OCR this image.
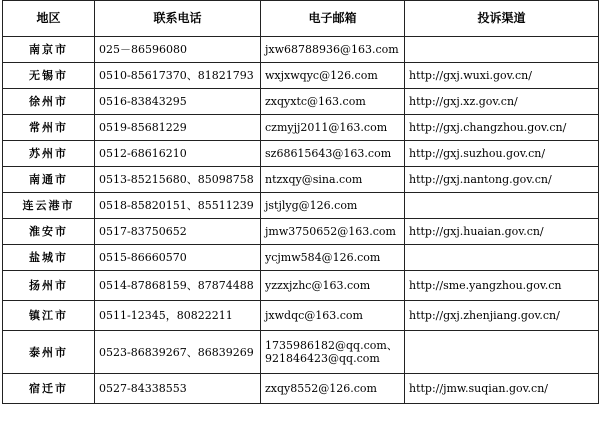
地区	联系电话	电子邮箱	投诉渠道
南京市	025－86596080	jxw68788936@163.com	
无锡市	0510-85617370、81821793	wxjxwqyc@126.com	http://gxj.wuxi.gov.cn/
徐州市	0516-83843295	zxqyxtc@163.com	http://gxj.xz.gov.cn/
常州市	0519-85681229	czmyjj2011@163.com	http://gxj.changzhou.gov.cn/
苏州市	0512-68616210	sz68615643@163.com	http://gxj.suzhou.gov.cn/
南通市	0513-85215680、85098758	ntzxqy@sina.com	http://gxj.nantong.gov.cn/
连云港市	0518-85820151、85511239	jstjlyg@126.com	
淮安市	0517-83750652	jmw3750652@163.com	http://gxj.huaian.gov.cn/
盐城市	0515-86660570	ycjmw584@126.com	
扬州市	0514-87868159、87874488	yzzxjzhc@163.com	http://sme.yangzhou.gov.cn
镇江市	0511-12345，80822211	jxwdqc@163.com	http://gxj.zhenjiang.gov.cn/
泰州市	0523-86839267、86839269	1735986182@qq.com、
921846423@qq.com	

宿迁市	0527-84338553	zxqy8552@126.com	http://jmw.suqian.gov.cn/
